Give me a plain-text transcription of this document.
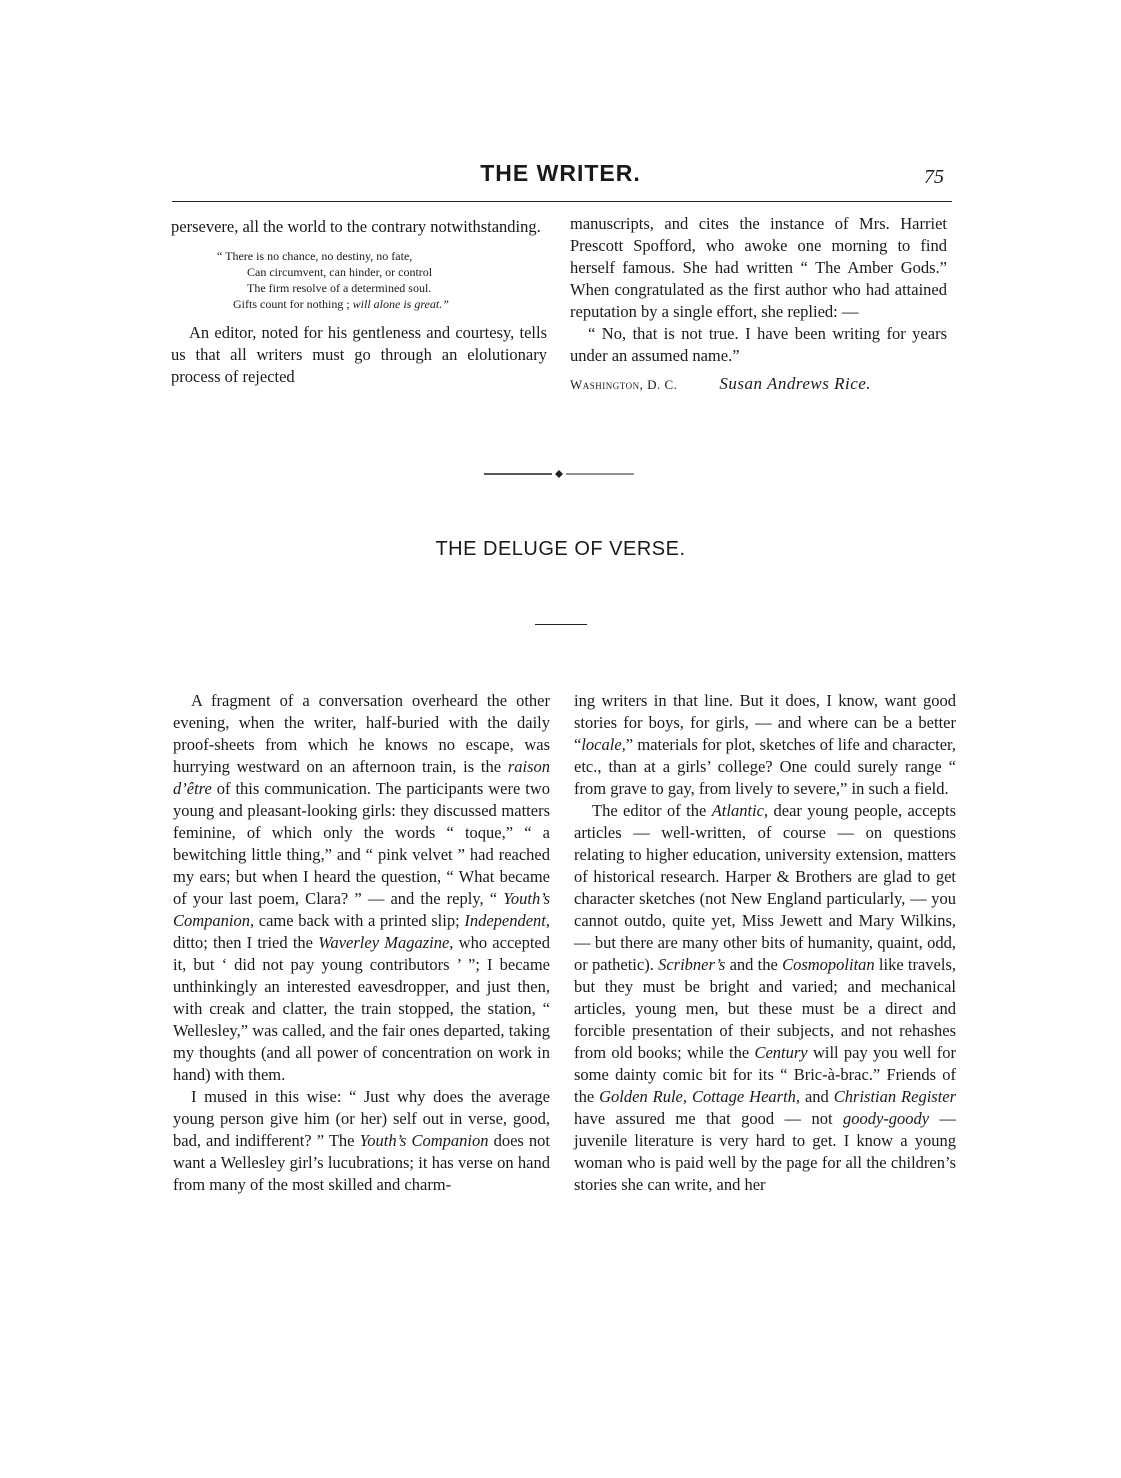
THE WRITER.	75

persevere, all the world to the contrary notwithstanding.

“ There is no chance, no destiny, no fate,
Can circumvent, can hinder, or control
The firm resolve of a determined soul.
Gifts count for nothing ; will alone is great.”

An editor, noted for his gentleness and courtesy, tells us that all writers must go through an elolutionary process of rejected

manuscripts, and cites the instance of Mrs. Harriet Prescott Spofford, who awoke one morning to find herself famous. She had written “ The Amber Gods.” When congratulated as the first author who had attained reputation by a single effort, she replied: —

“ No, that is not true. I have been writing for years under an assumed name.”

Washington, D. C. Susan Andrews Rice.
THE DELUGE OF VERSE.

A fragment of a conversation overheard the other evening, when the writer, half-buried with the daily proof-sheets from which he knows no escape, was hurrying westward on an afternoon train, is the raison d’être of this communication. The participants were two young and pleasant-looking girls: they discussed matters feminine, of which only the words “ toque,” “ a bewitching little thing,” and “ pink velvet ” had reached my ears; but when I heard the question, “ What became of your last poem, Clara? ” — and the reply, “ Youth’s Companion, came back with a printed slip; Independent, ditto; then I tried the Waverley Magazine, who accepted it, but ‘ did not pay young contributors ’ ”; I became unthinkingly an interested eavesdropper, and just then, with creak and clatter, the train stopped, the station, “ Wellesley,” was called, and the fair ones departed, taking my thoughts (and all power of concentration on work in hand) with them.

I mused in this wise: “ Just why does the average young person give him (or her) self out in verse, good, bad, and indifferent? ” The Youth’s Companion does not want a Wellesley girl’s lucubrations; it has verse on hand from many of the most skilled and charm-

ing writers in that line. But it does, I know, want good stories for boys, for girls, — and where can be a better “locale,” materials for plot, sketches of life and character, etc., than at a girls’ college? One could surely range “ from grave to gay, from lively to severe,” in such a field.

The editor of the Atlantic, dear young people, accepts articles — well-written, of course — on questions relating to higher education, university extension, matters of historical research. Harper & Brothers are glad to get character sketches (not New England particularly, — you cannot outdo, quite yet, Miss Jewett and Mary Wilkins, — but there are many other bits of humanity, quaint, odd, or pathetic). Scribner’s and the Cosmopolitan like travels, but they must be bright and varied; and mechanical articles, young men, but these must be a direct and forcible presentation of their subjects, and not rehashes from old books; while the Century will pay you well for some dainty comic bit for its “ Bric-à-brac.” Friends of the Golden Rule, Cottage Hearth, and Christian Register have assured me that good — not goody-goody — juvenile literature is very hard to get. I know a young woman who is paid well by the page for all the children’s stories she can write, and her
